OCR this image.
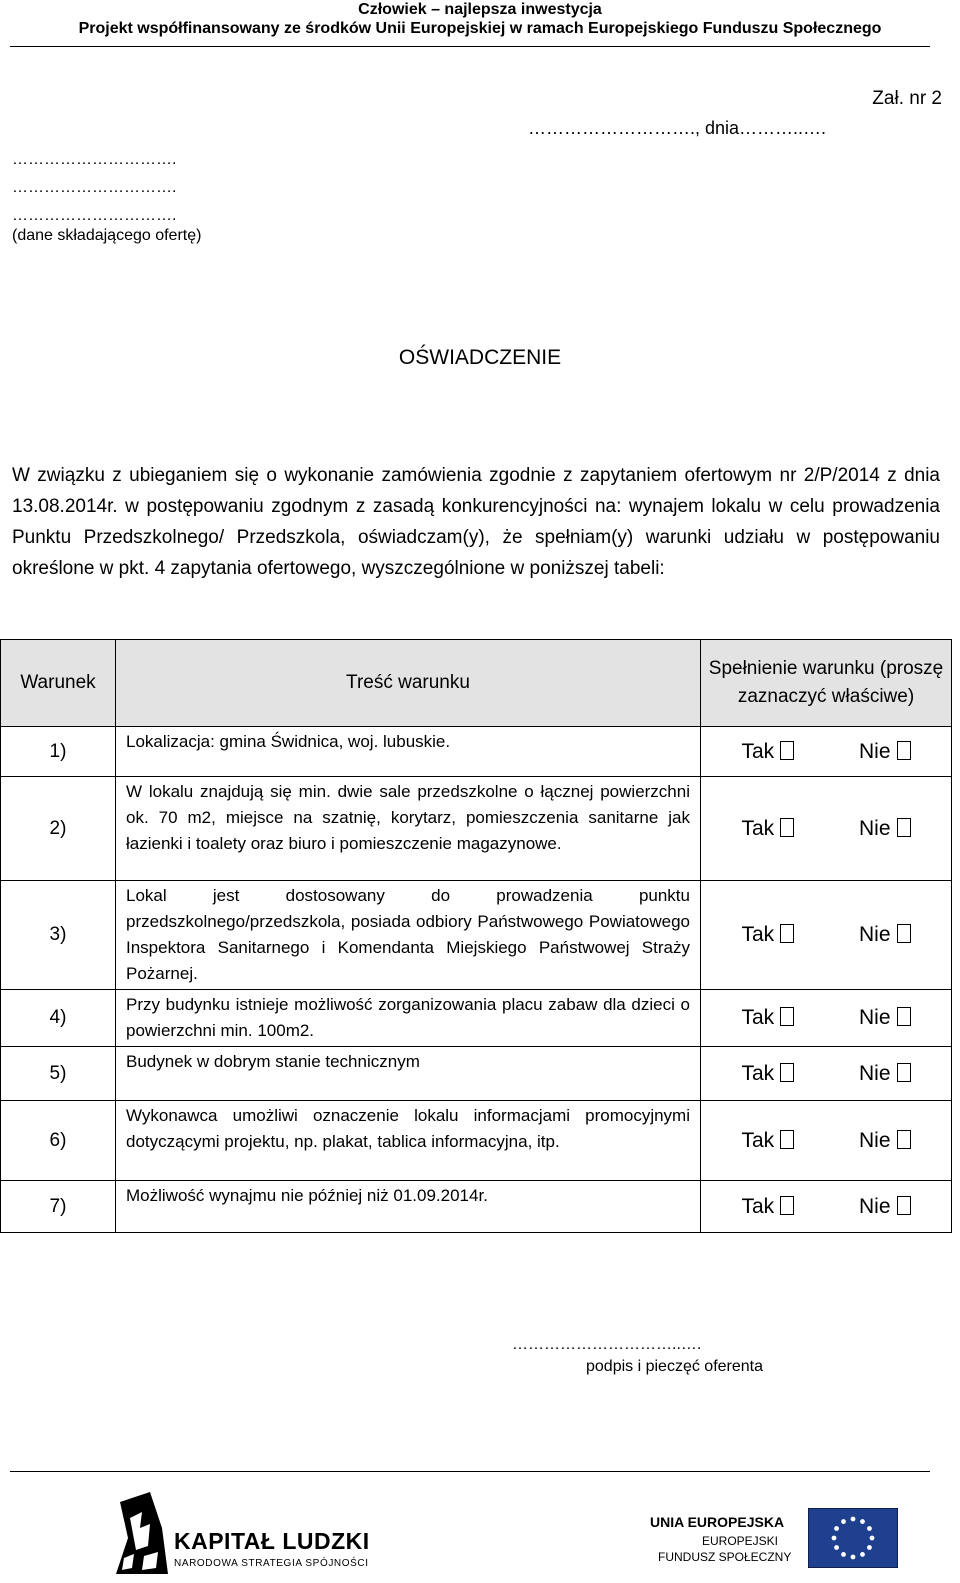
Człowiek – najlepsza inwestycja
Projekt współfinansowany ze środków Unii Europejskiej w ramach Europejskiego Funduszu Społecznego
Zał. nr 2
………………………., dnia………..….
………………………….
………………………….
………………………….
(dane składającego ofertę)
OŚWIADCZENIE
W związku z ubieganiem się o wykonanie zamówienia zgodnie z zapytaniem ofertowym nr 2/P/2014 z dnia 13.08.2014r. w postępowaniu zgodnym z zasadą konkurencyjności na: wynajem lokalu w celu prowadzenia Punktu Przedszkolnego/ Przedszkola, oświadczam(y), że spełniam(y) warunki udziału w postępowaniu określone w pkt. 4 zapytania ofertowego, wyszczególnione w poniższej tabeli:
Warunek	Treść warunku	Spełnienie warunku (proszę zaznaczyć właściwe)
1)	Lokalizacja: gmina Świdnica, woj. lubuskie.	Tak Nie

2)	W lokalu znajdują się min. dwie sale przedszkolne o łącznej powierzchni ok. 70 m2, miejsce na szatnię, korytarz, pomieszczenia sanitarne jak łazienki i toalety oraz biuro i pomieszczenie magazynowe.	Tak Nie

3)	Lokal jest dostosowany do prowadzenia punktu przedszkolnego/przedszkola, posiada odbiory Państwowego Powiatowego Inspektora Sanitarnego i Komendanta Miejskiego Państwowej Straży Pożarnej.	Tak Nie

4)	Przy budynku istnieje możliwość zorganizowania placu zabaw dla dzieci o powierzchni min. 100m2.	Tak Nie

5)	Budynek w dobrym stanie technicznym	Tak Nie

6)	Wykonawca umożliwi oznaczenie lokalu informacjami promocyjnymi dotyczącymi projektu, np. plakat, tablica informacyjna, itp.	Tak Nie

7)	Możliwość wynajmu nie później niż 01.09.2014r.	Tak Nie
…………………………..….
podpis i pieczęć oferenta
KAPITAŁ LUDZKI
NARODOWA STRATEGIA SPÓJNOŚCI
UNIA EUROPEJSKA
EUROPEJSKI
FUNDUSZ SPOŁECZNY
